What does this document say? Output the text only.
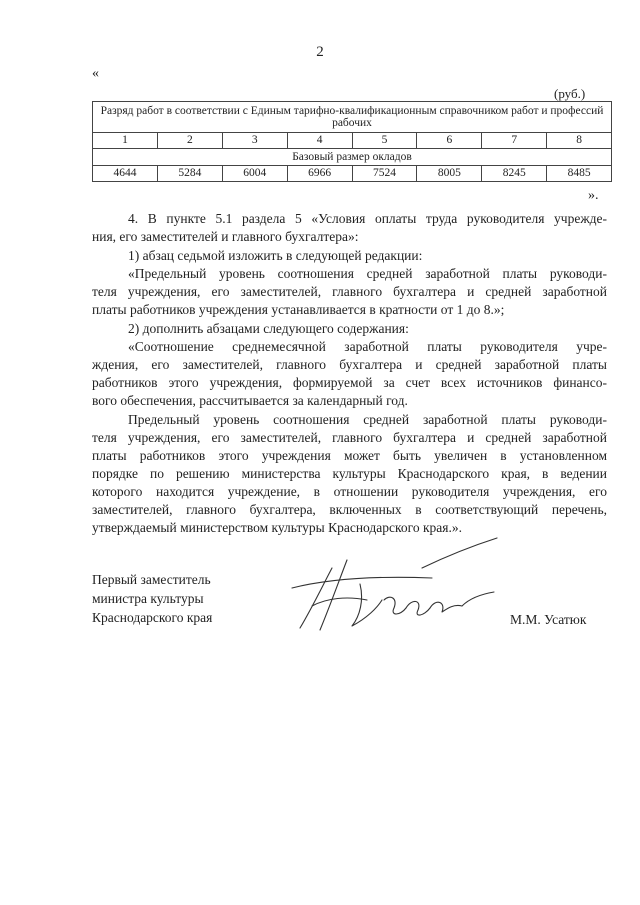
2
«
(руб.)
Разряд работ в соответствии с Единым тарифно-квалификационным справочником работ и профессий рабочих							
1	2	3	4	5	6	7	8
Базовый размер окладов							
4644	5284	6004	6966	7524	8005	8245	8485
».
4. В пункте 5.1 раздела 5 «Условия оплаты труда руководителя учрежде-
ния, его заместителей и главного бухгалтера»:
1) абзац седьмой изложить в следующей редакции:
«Предельный уровень соотношения средней заработной платы руководи-
теля учреждения, его заместителей, главного бухгалтера и средней заработной
платы работников учреждения устанавливается в кратности от 1 до 8.»;
2) дополнить абзацами следующего содержания:
«Соотношение среднемесячной заработной платы руководителя учре-
ждения, его заместителей, главного бухгалтера и средней заработной платы
работников этого учреждения, формируемой за счет всех источников финансо-
вого обеспечения, рассчитывается за календарный год.
Предельный уровень соотношения средней заработной платы руководи-
теля учреждения, его заместителей, главного бухгалтера и средней заработной
платы работников этого учреждения может быть увеличен в установленном
порядке по решению министерства культуры Краснодарского края, в ведении
которого находится учреждение, в отношении руководителя учреждения, его
заместителей, главного бухгалтера, включенных в соответствующий перечень,
утверждаемый министерством культуры Краснодарского края.».
Первый заместитель
министра культуры
Краснодарского края	М.М. Усатюк
